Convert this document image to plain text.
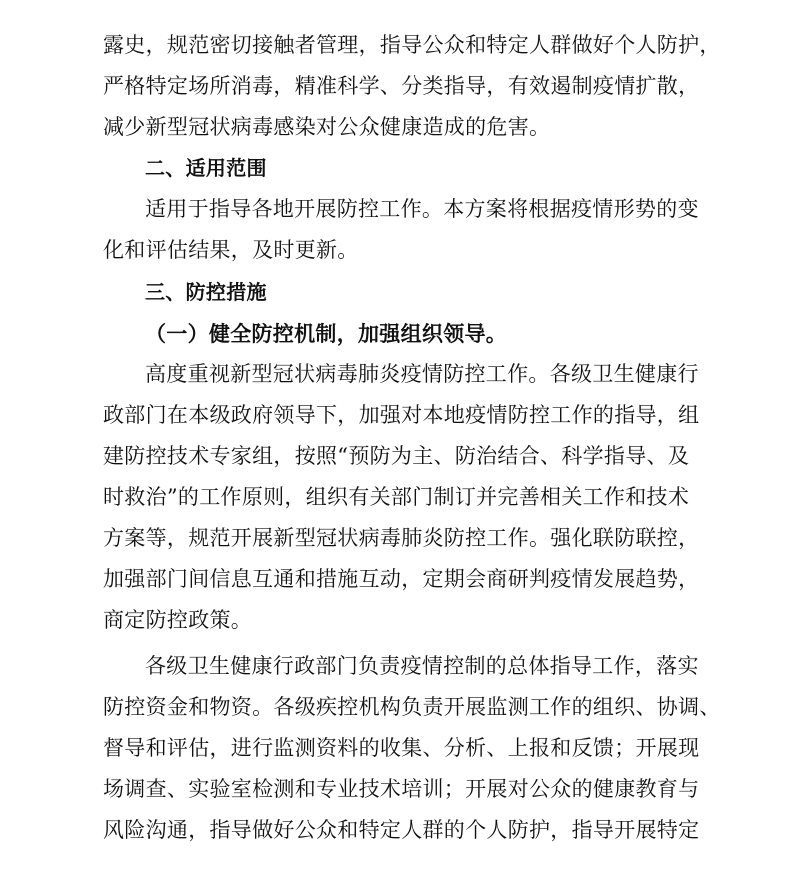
露史，规范密切接触者管理，指导公众和特定人群做好个人防护，
严格特定场所消毒，精准科学、分类指导，有效遏制疫情扩散，
减少新型冠状病毒感染对公众健康造成的危害。
二、适用范围
适用于指导各地开展防控工作。本方案将根据疫情形势的变
化和评估结果，及时更新。
三、防控措施
（一）健全防控机制，加强组织领导。
高度重视新型冠状病毒肺炎疫情防控工作。各级卫生健康行
政部门在本级政府领导下，加强对本地疫情防控工作的指导，组
建防控技术专家组，按照“预防为主、防治结合、科学指导、及
时救治”的工作原则，组织有关部门制订并完善相关工作和技术
方案等，规范开展新型冠状病毒肺炎防控工作。强化联防联控，
加强部门间信息互通和措施互动，定期会商研判疫情发展趋势，
商定防控政策。
各级卫生健康行政部门负责疫情控制的总体指导工作，落实
防控资金和物资。各级疾控机构负责开展监测工作的组织、协调、
督导和评估，进行监测资料的收集、分析、上报和反馈；开展现
场调查、实验室检测和专业技术培训；开展对公众的健康教育与
风险沟通，指导做好公众和特定人群的个人防护，指导开展特定
